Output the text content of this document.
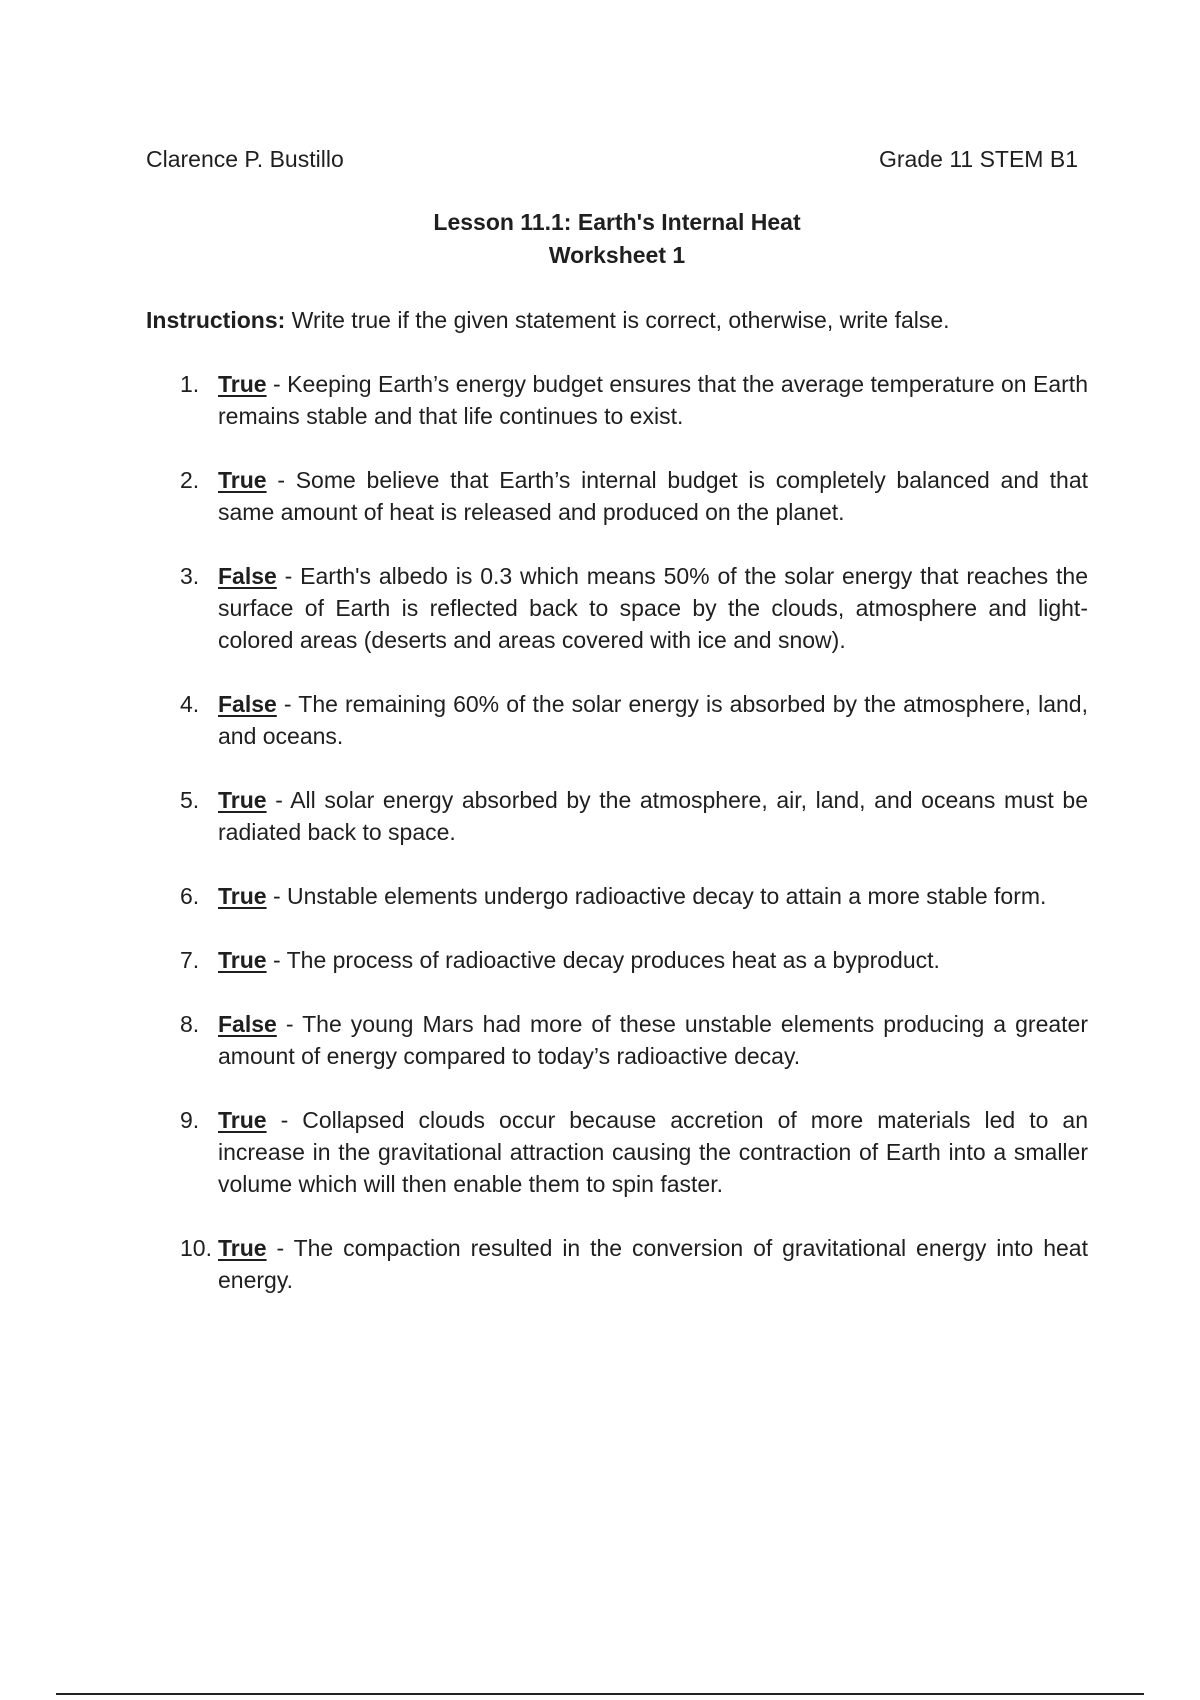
Clarence P. Bustillo	Grade 11 STEM B1
Lesson 11.1: Earth's Internal Heat
Worksheet 1
Instructions: Write true if the given statement is correct, otherwise, write false.
1. True - Keeping Earth’s energy budget ensures that the average temperature on Earth remains stable and that life continues to exist.
2. True - Some believe that Earth’s internal budget is completely balanced and that same amount of heat is released and produced on the planet.
3. False - Earth's albedo is 0.3 which means 50% of the solar energy that reaches the surface of Earth is reflected back to space by the clouds, atmosphere and light-colored areas (deserts and areas covered with ice and snow).
4. False - The remaining 60% of the solar energy is absorbed by the atmosphere, land, and oceans.
5. True - All solar energy absorbed by the atmosphere, air, land, and oceans must be radiated back to space.
6. True - Unstable elements undergo radioactive decay to attain a more stable form.
7. True - The process of radioactive decay produces heat as a byproduct.
8. False - The young Mars had more of these unstable elements producing a greater amount of energy compared to today’s radioactive decay.
9. True - Collapsed clouds occur because accretion of more materials led to an increase in the gravitational attraction causing the contraction of Earth into a smaller volume which will then enable them to spin faster.
10. True - The compaction resulted in the conversion of gravitational energy into heat energy.
